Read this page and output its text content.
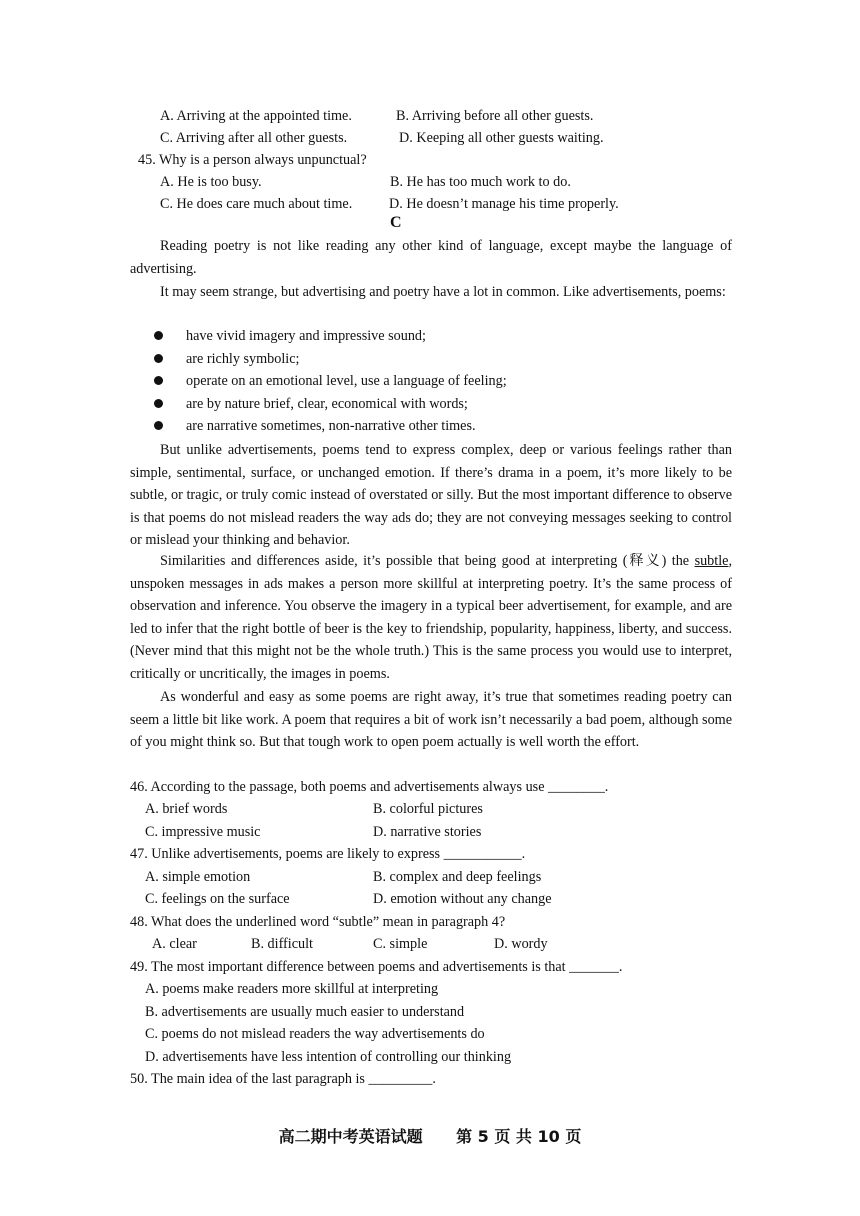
A. Arriving at the appointed time.	B. Arriving before all other guests.
C. Arriving after all other guests.	D. Keeping all other guests waiting.
45. Why is a person always unpunctual?
A. He is too busy.	B. He has too much work to do.
C. He does care much about time.	D. He doesn’t manage his time properly.
C
Reading poetry is not like reading any other kind of language, except maybe the language of advertising.
It may seem strange, but advertising and poetry have a lot in common. Like advertisements, poems:
have vivid imagery and impressive sound;
are richly symbolic;
operate on an emotional level, use a language of feeling;
are by nature brief, clear, economical with words;
are narrative sometimes, non-narrative other times.
But unlike advertisements, poems tend to express complex, deep or various feelings rather than simple, sentimental, surface, or unchanged emotion. If there’s drama in a poem, it’s more likely to be subtle, or tragic, or truly comic instead of overstated or silly. But the most important difference to observe is that poems do not mislead readers the way ads do; they are not conveying messages seeking to control or mislead your thinking and behavior.
Similarities and differences aside, it’s possible that being good at interpreting (释义) the subtle, unspoken messages in ads makes a person more skillful at interpreting poetry. It’s the same process of observation and inference. You observe the imagery in a typical beer advertisement, for example, and are led to infer that the right bottle of beer is the key to friendship, popularity, happiness, liberty, and success. (Never mind that this might not be the whole truth.) This is the same process you would use to interpret, critically or uncritically, the images in poems.
As wonderful and easy as some poems are right away, it’s true that sometimes reading poetry can seem a little bit like work. A poem that requires a bit of work isn’t necessarily a bad poem, although some of you might think so. But that tough work to open poem actually is well worth the effort.
46. According to the passage, both poems and advertisements always use ________.
A. brief words	B. colorful pictures
C. impressive music	D. narrative stories
47. Unlike advertisements, poems are likely to express ___________.
A. simple emotion	B. complex and deep feelings
C. feelings on the surface	D. emotion without any change
48. What does the underlined word “subtle” mean in paragraph 4?
A. clear	B. difficult	C. simple	D. wordy
49. The most important difference between poems and advertisements is that _______.
A. poems make readers more skillful at interpreting
B. advertisements are usually much easier to understand
C. poems do not mislead readers the way advertisements do
D. advertisements have less intention of controlling our thinking
50. The main idea of the last paragraph is _________.
高二期中考英语试题 第 5 页 共 10 页
